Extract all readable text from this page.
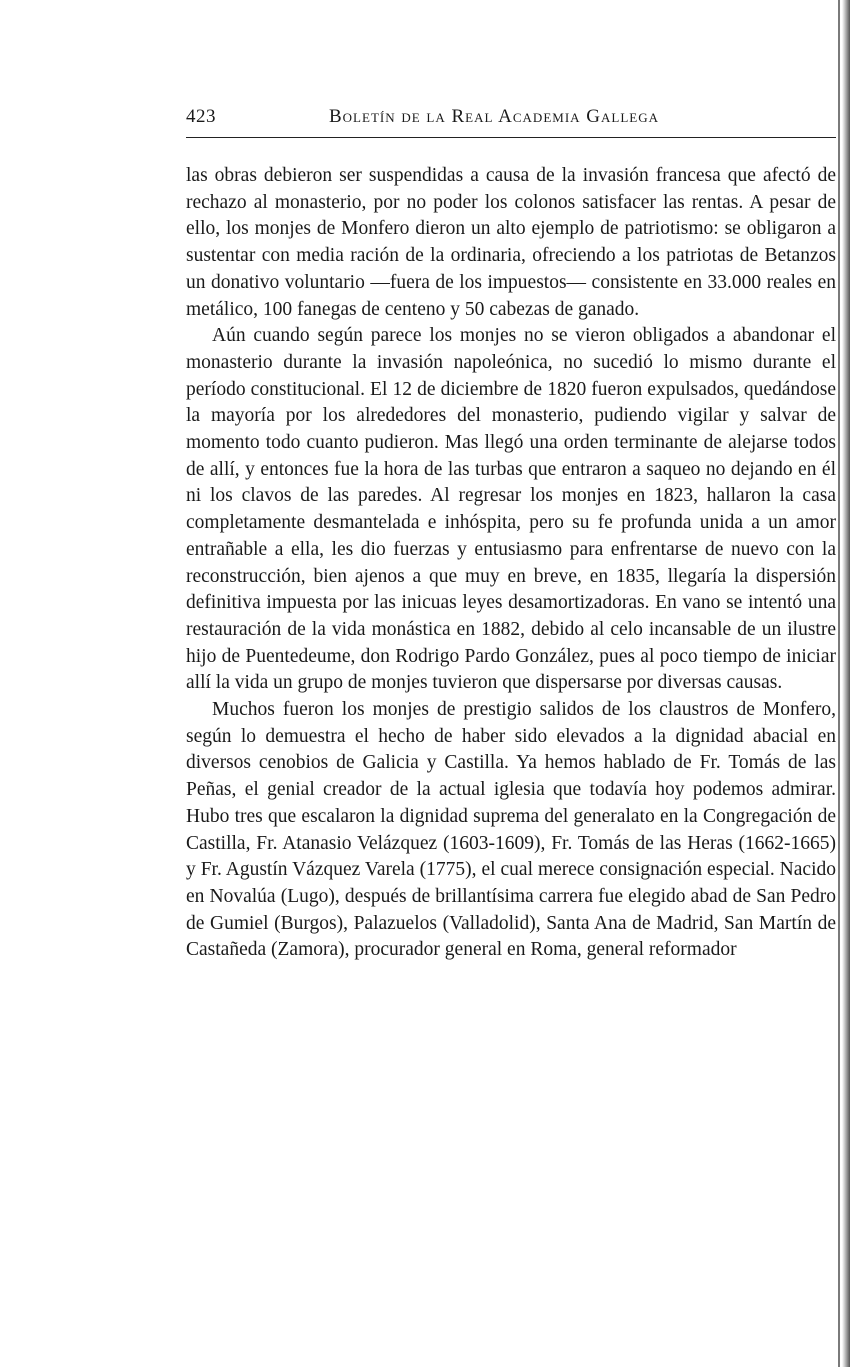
423	Boletín de la Real Academia Gallega

las obras debieron ser suspendidas a causa de la invasión francesa que afectó de rechazo al monasterio, por no poder los colonos satisfacer las rentas. A pesar de ello, los monjes de Monfero dieron un alto ejemplo de patriotismo: se obligaron a sustentar con media ración de la ordinaria, ofreciendo a los patriotas de Betanzos un donativo voluntario —fuera de los impuestos— consistente en 33.000 reales en metálico, 100 fanegas de centeno y 50 cabezas de ganado.

Aún cuando según parece los monjes no se vieron obligados a abandonar el monasterio durante la invasión napoleónica, no sucedió lo mismo durante el período constitucional. El 12 de diciembre de 1820 fueron expulsados, quedándose la mayoría por los alrededores del monasterio, pudiendo vigilar y salvar de momento todo cuanto pudieron. Mas llegó una orden terminante de alejarse todos de allí, y entonces fue la hora de las turbas que entraron a saqueo no dejando en él ni los clavos de las paredes. Al regresar los monjes en 1823, hallaron la casa completamente desmantelada e inhóspita, pero su fe profunda unida a un amor entrañable a ella, les dio fuerzas y entusiasmo para enfrentarse de nuevo con la reconstrucción, bien ajenos a que muy en breve, en 1835, llegaría la dispersión definitiva impuesta por las inicuas leyes desamortizadoras. En vano se intentó una restauración de la vida monástica en 1882, debido al celo incansable de un ilustre hijo de Puentedeume, don Rodrigo Pardo González, pues al poco tiempo de iniciar allí la vida un grupo de monjes tuvieron que dispersarse por diversas causas.

Muchos fueron los monjes de prestigio salidos de los claustros de Monfero, según lo demuestra el hecho de haber sido elevados a la dignidad abacial en diversos cenobios de Galicia y Castilla. Ya hemos hablado de Fr. Tomás de las Peñas, el genial creador de la actual iglesia que todavía hoy podemos admirar. Hubo tres que escalaron la dignidad suprema del generalato en la Congregación de Castilla, Fr. Atanasio Velázquez (1603-1609), Fr. Tomás de las Heras (1662-1665) y Fr. Agustín Vázquez Varela (1775), el cual merece consignación especial. Nacido en Novalúa (Lugo), después de brillantísima carrera fue elegido abad de San Pedro de Gumiel (Burgos), Palazuelos (Valladolid), Santa Ana de Madrid, San Martín de Castañeda (Zamora), procurador general en Roma, general reformador
